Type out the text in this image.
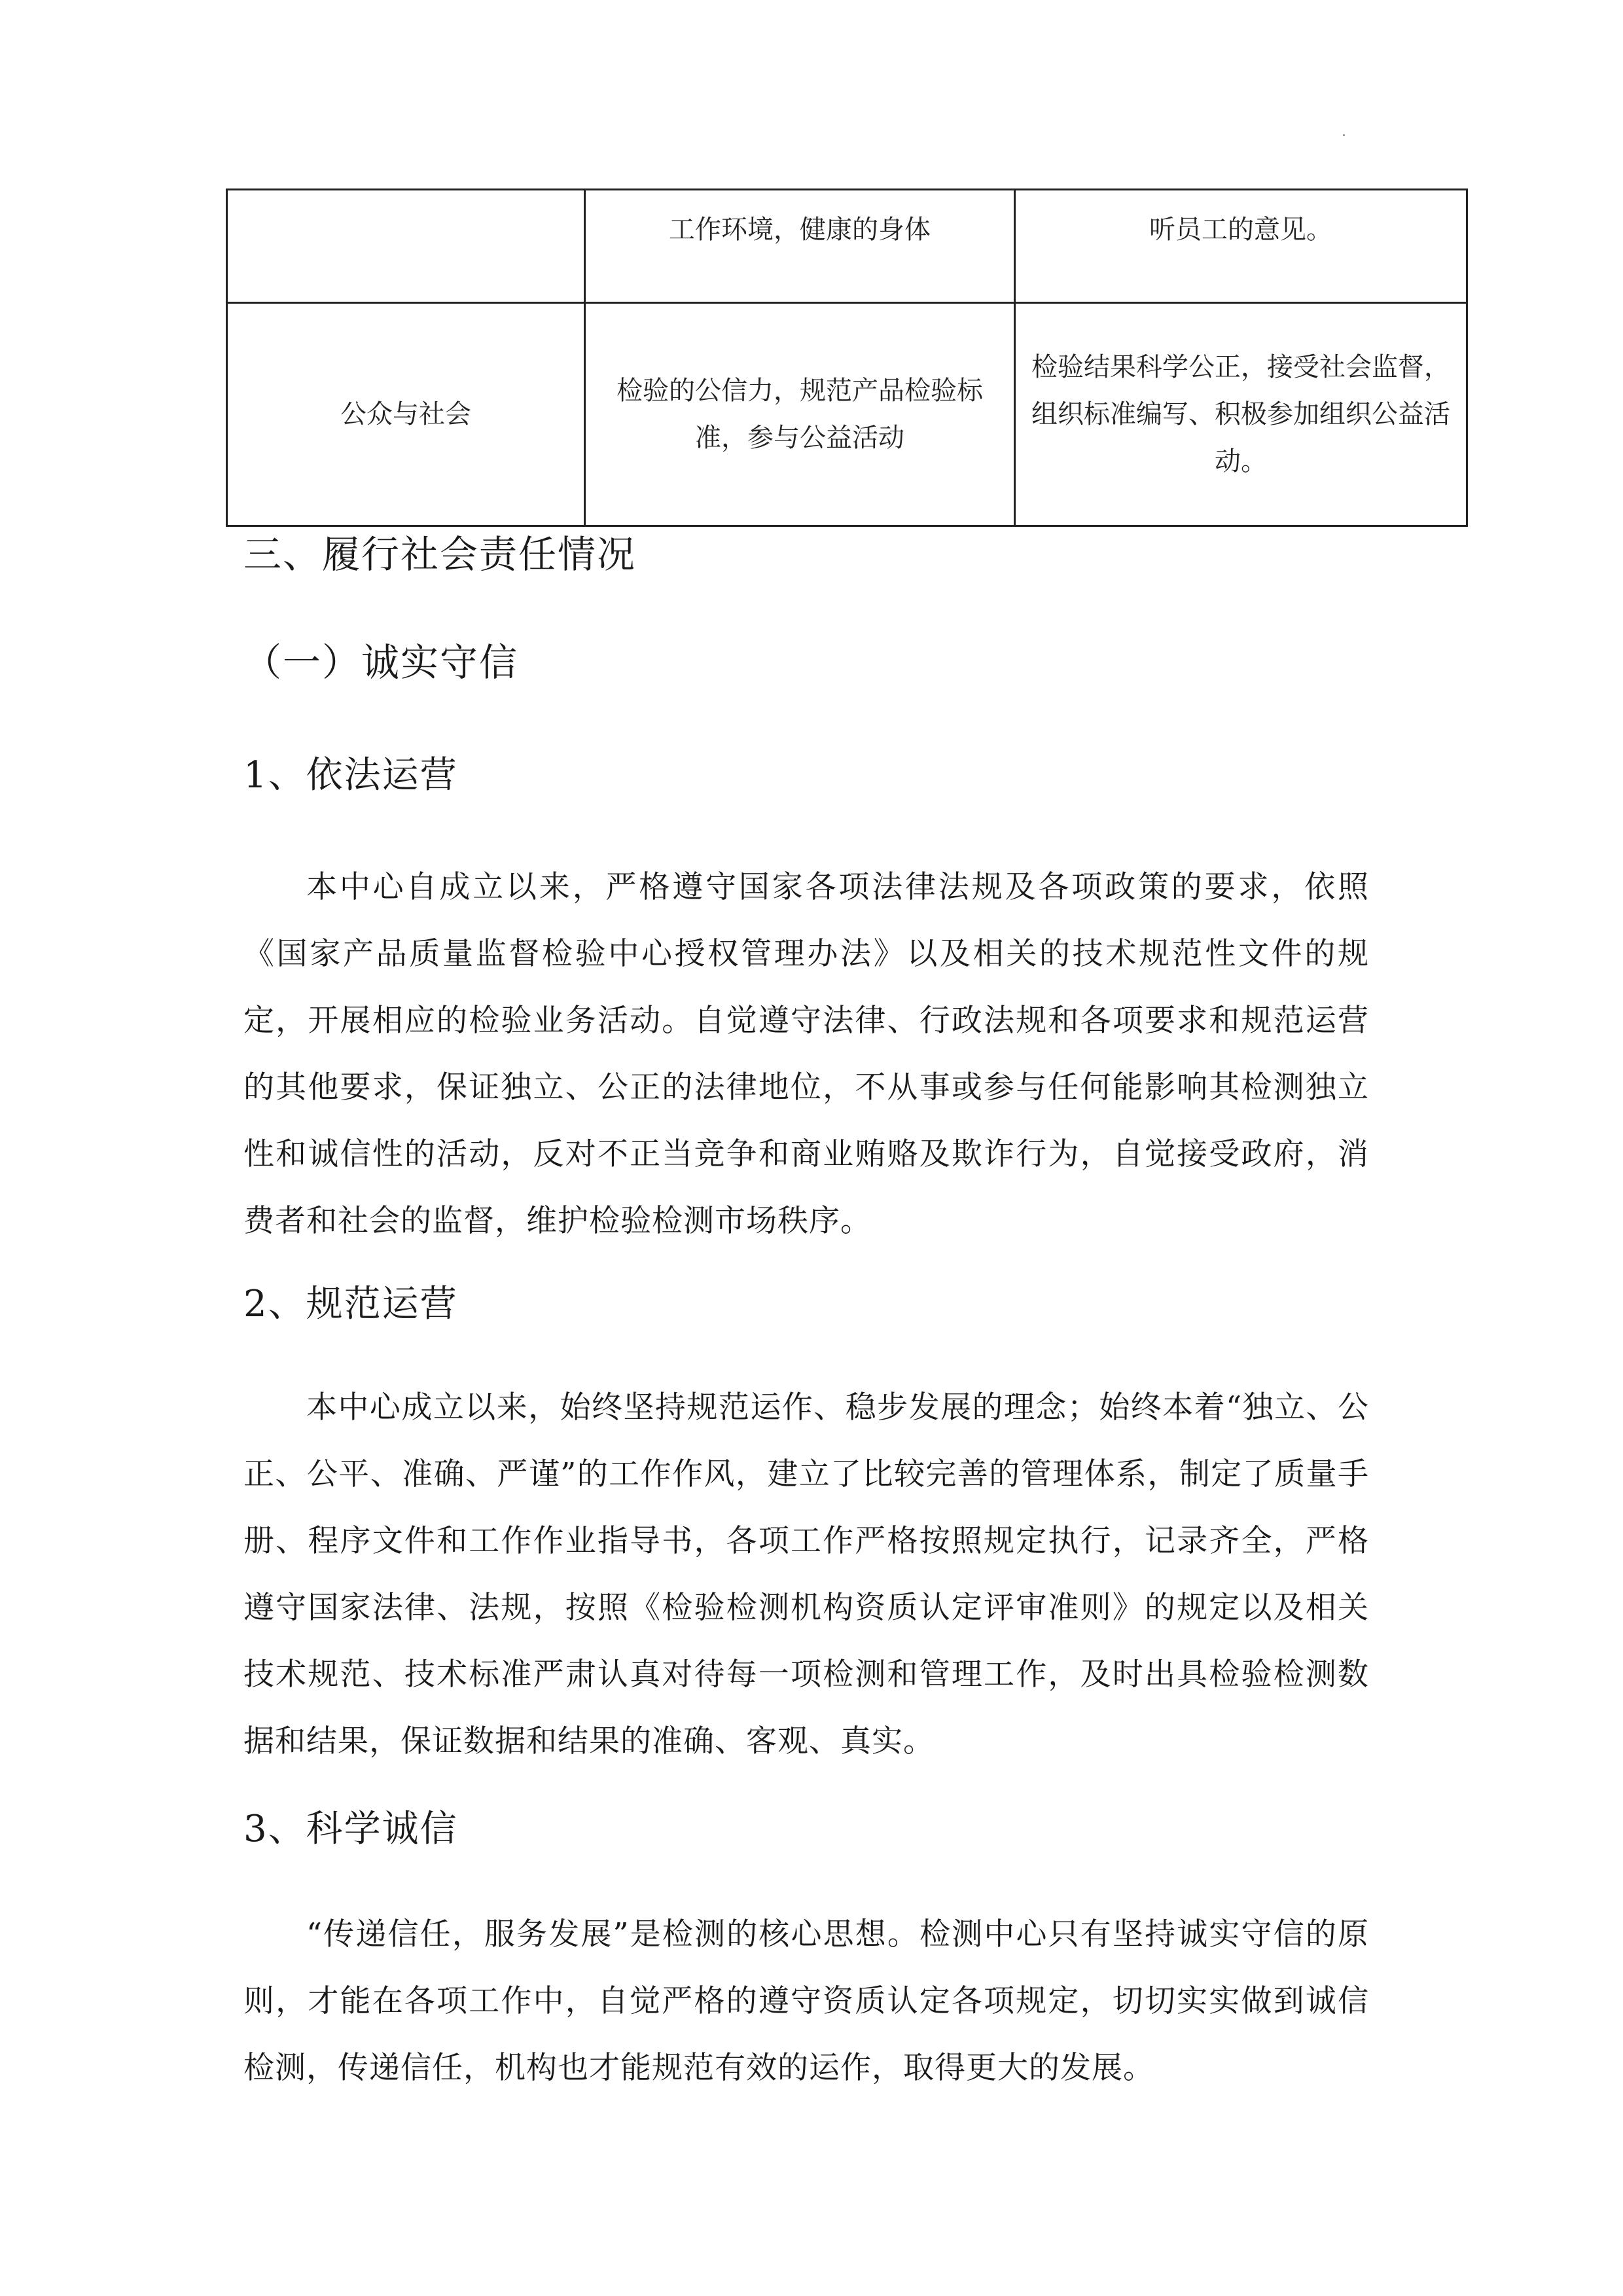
	工作环境，健康的身体	听员工的意见。
公众与社会	检验的公信力，规范产品检验标准，参与公益活动	检验结果科学公正，接受社会监督，组织标准编写、积极参加组织公益活动。
三、履行社会责任情况
（一）诚实守信
1、依法运营
本中心自成立以来，严格遵守国家各项法律法规及各项政策的要求，依照《国家产品质量监督检验中心授权管理办法》以及相关的技术规范性文件的规定，开展相应的检验业务活动。自觉遵守法律、行政法规和各项要求和规范运营的其他要求，保证独立、公正的法律地位，不从事或参与任何能影响其检测独立性和诚信性的活动，反对不正当竞争和商业贿赂及欺诈行为，自觉接受政府，消费者和社会的监督，维护检验检测市场秩序。
2、规范运营
本中心成立以来，始终坚持规范运作、稳步发展的理念；始终本着“独立、公正、公平、准确、严谨”的工作作风，建立了比较完善的管理体系，制定了质量手册、程序文件和工作作业指导书，各项工作严格按照规定执行，记录齐全，严格遵守国家法律、法规，按照《检验检测机构资质认定评审准则》的规定以及相关技术规范、技术标准严肃认真对待每一项检测和管理工作，及时出具检验检测数据和结果，保证数据和结果的准确、客观、真实。
3、科学诚信
“传递信任，服务发展”是检测的核心思想。检测中心只有坚持诚实守信的原则，才能在各项工作中，自觉严格的遵守资质认定各项规定，切切实实做到诚信检测，传递信任，机构也才能规范有效的运作，取得更大的发展。
